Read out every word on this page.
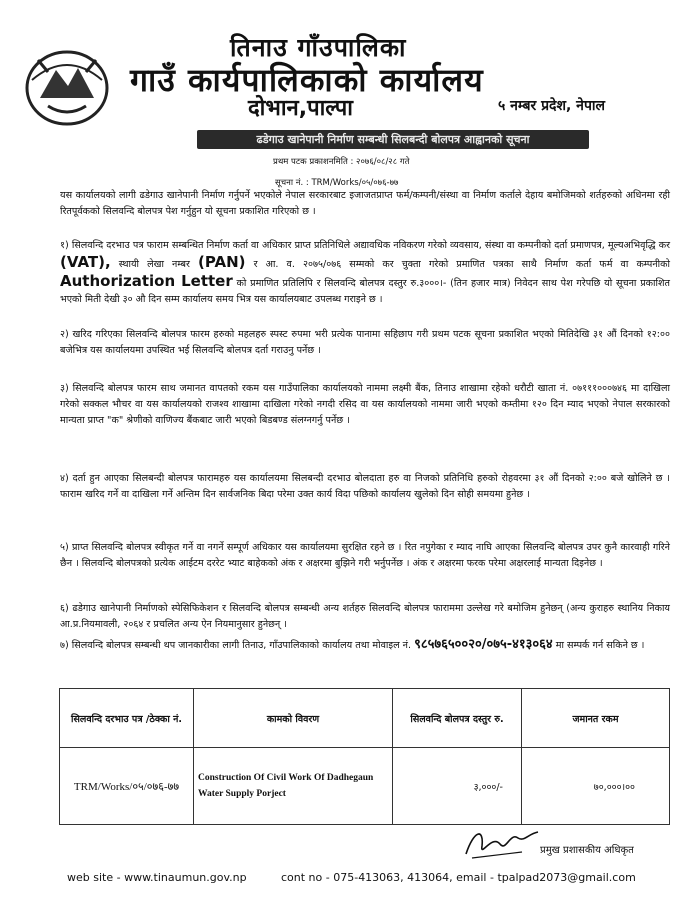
तिनाउ गाँउपालिका
गाउँ कार्यपालिकाको कार्यालय
दोभान,पाल्पा	५ नम्बर प्रदेश, नेपाल
ढडेगाउ खानेपानी निर्माण सम्बन्धी सिलबन्दी बोलपत्र आह्वानको सूचना
प्रथम पटक प्रकाशनमिति : २०७६/०८/२८ गते
सूचना नं. : TRM/Works/०५/०७६-७७
यस कार्यालयको लागी ढडेगाउ खानेपानी निर्माण गर्नुपर्ने भएकोले नेपाल सरकारबाट इजाजतप्राप्त फर्म/कम्पनी/संस्था वा निर्माण कर्ताले देहाय बमोजिमको शर्तहरुको अधिनमा रही रितपूर्वकको सिलवन्दि बोलपत्र पेश गर्नुहुन यो सूचना प्रकाशित गरिएको छ ।
१) सिलवन्दि दरभाउ पत्र फाराम सम्बन्धित निर्माण कर्ता वा अधिकार प्राप्त प्रतिनिधिले अद्यावधिक नविकरण गरेको व्यवसाय, संस्था वा कम्पनीको दर्ता प्रमाणपत्र, मूल्यअभिवृद्धि कर (VAT), स्थायी लेखा नम्बर (PAN) र आ. व. २०७५/०७६ सम्मको कर चुक्ता गरेको प्रमाणित पत्रका साथै निर्माण कर्ता फर्म वा कम्पनीको Authorization Letter को प्रमाणित प्रतिलिपि र सिलवन्दि बोलपत्र दस्तुर रु.३०००।- (तिन हजार मात्र) निवेदन साथ पेश गरेपछि यो सूचना प्रकाशित भएको मिती देखी ३० औ दिन सम्म कार्यालय समय भित्र यस कार्यालयबाट उपलब्ध गराइने छ ।
२) खरिद गरिएका सिलवन्दि बोलपत्र फारम हरुको महलहरु स्पस्ट रुपमा भरी प्रत्येक पानामा सहिछाप गरी प्रथम पटक सूचना प्रकाशित भएको मितिदेखि ३१ औं दिनको १२:०० बजेभित्र यस कार्यालयमा उपस्थित भई सिलवन्दि बोलपत्र दर्ता गराउनु पर्नेछ ।
३) सिलवन्दि बोलपत्र फारम साथ जमानत वापतको रकम यस गाउँपालिका कार्यालयको नाममा लक्ष्मी बैंक, तिनाउ शाखामा रहेको धरौटी खाता नं. ०७१११०००७४६ मा दाखिला गरेको सक्कल भौचर वा यस कार्यालयको राजश्व शाखामा दाखिला गरेको नगदी रसिद वा यस कार्यालयको नाममा जारी भएको कम्तीमा १२० दिन म्याद भएको नेपाल सरकारको मान्यता प्राप्त "क" श्रेणीको वाणिज्य बैंकबाट जारी भएको बिडबण्ड संलग्नगर्नु पर्नेछ ।
४) दर्ता हुन आएका सिलबन्दी बोलपत्र फारामहरु यस कार्यालयमा सिलबन्दी दरभाउ बोलदाता हरु वा निजको प्रतिनिधि हरुको रोहवरमा ३१ औं दिनको २:०० बजे खोलिने छ । फाराम खरिद गर्ने वा दाखिला गर्ने अन्तिम दिन सार्वजनिक बिदा परेमा उक्त कार्य विदा पछिको कार्यालय खुलेको दिन सोही समयमा हुनेछ ।
५) प्राप्त सिलवन्दि बोलपत्र स्वीकृत गर्ने वा नगर्ने सम्पूर्ण अधिकार यस कार्यालयमा सुरक्षित रहने छ । रित नपुगेका र म्याद नाघि आएका सिलवन्दि बोलपत्र उपर कुनै कारवाही गरिने छैन । सिलवन्दि बोलपत्रको प्रत्येक आईटम दररेट भ्याट बाहेकको अंक र अक्षरमा बुझिने गरी भर्नुपर्नेछ । अंक र अक्षरमा फरक परेमा अक्षरलाई मान्यता दिइनेछ ।
६) ढडेगाउ खानेपानी निर्माणको स्पेसिफिकेशन र सिलवन्दि बोलपत्र सम्बन्धी अन्य शर्तहरु सिलवन्दि बोलपत्र फाराममा उल्लेख गरे बमोजिम हुनेछन् (अन्य कुराहरु स्थानिय निकाय आ.प्र.नियमावली, २०६४ र प्रचलित अन्य ऐन नियमानुसार हुनेछन् ।
७) सिलवन्दि बोलपत्र सम्बन्धी थप जानकारीका लागी तिनाउ, गाँउपालिकाको कार्यालय तथा मोवाइल नं. ९८५७६५००२०/०७५-४१३०६४ मा सम्पर्क गर्न सकिने छ ।
सिलवन्दि दरभाउ पत्र /ठेक्का नं.	कामको विवरण	सिलवन्दि बोलपत्र दस्तुर रु.	जमानत रकम
TRM/Works/०५/०७६-७७	Construction Of Civil Work Of Dadhegaun Water Supply Porject	३,०००/-	७०,०००।००
प्रमुख प्रशासकीय अधिकृत
web site - www.tinaumun.gov.np	cont no - 075-413063, 413064, email - tpalpad2073@gmail.com
